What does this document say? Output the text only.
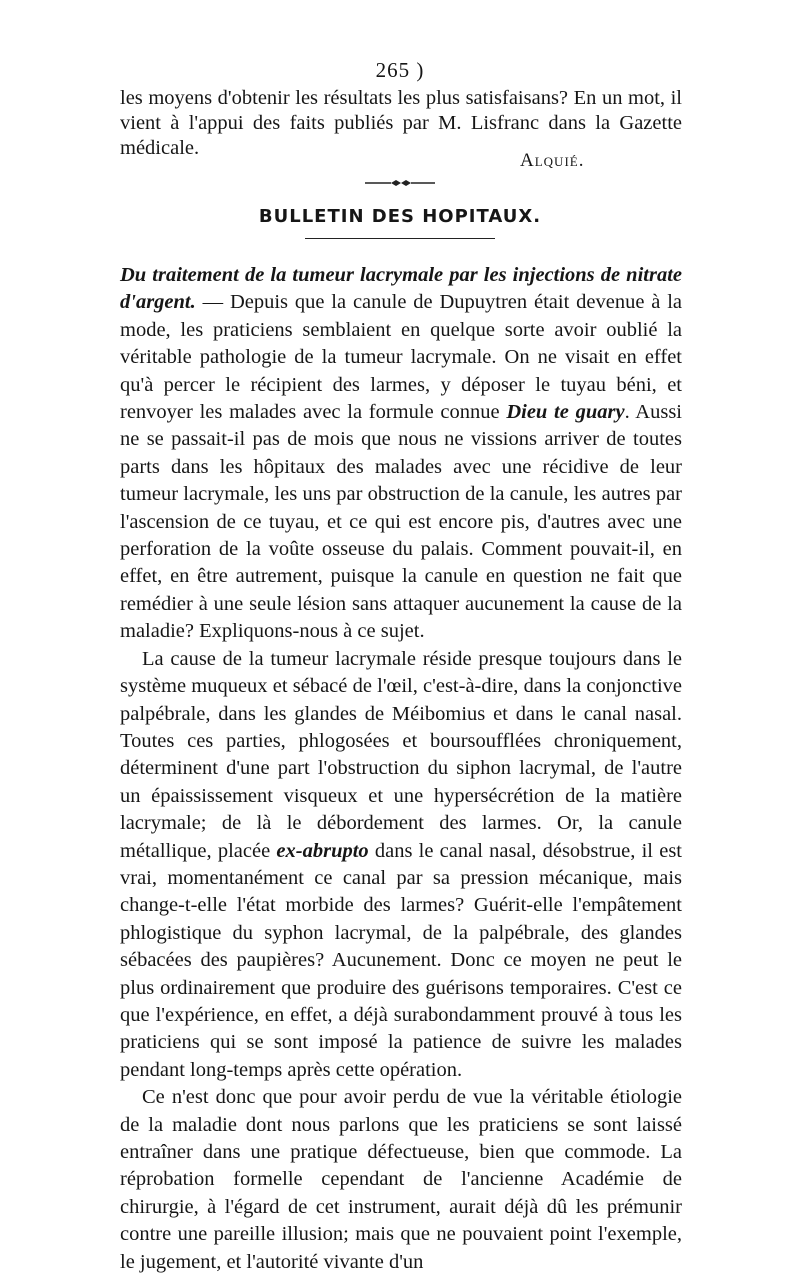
265 )

les moyens d'obtenir les résultats les plus satisfaisans? En un mot, il vient à l'appui des faits publiés par M. Lisfranc dans la Gazette médicale.

Alquié.
BULLETIN DES HOPITAUX.

Du traitement de la tumeur lacrymale par les injections de nitrate d'argent. — Depuis que la canule de Dupuytren était devenue à la mode, les praticiens semblaient en quelque sorte avoir oublié la véritable pathologie de la tumeur lacrymale. On ne visait en effet qu'à percer le récipient des larmes, y déposer le tuyau béni, et renvoyer les malades avec la formule connue Dieu te guary. Aussi ne se passait-il pas de mois que nous ne vissions arriver de toutes parts dans les hôpitaux des malades avec une récidive de leur tumeur lacrymale, les uns par obstruction de la canule, les autres par l'ascension de ce tuyau, et ce qui est encore pis, d'autres avec une perforation de la voûte osseuse du palais. Comment pouvait-il, en effet, en être autrement, puisque la canule en question ne fait que remédier à une seule lésion sans attaquer aucunement la cause de la maladie? Expliquons-nous à ce sujet.

La cause de la tumeur lacrymale réside presque toujours dans le système muqueux et sébacé de l'œil, c'est-à-dire, dans la conjonctive palpébrale, dans les glandes de Méibomius et dans le canal nasal. Toutes ces parties, phlogosées et boursoufflées chroniquement, déterminent d'une part l'obstruction du siphon lacrymal, de l'autre un épaississement visqueux et une hypersécrétion de la matière lacrymale; de là le débordement des larmes. Or, la canule métallique, placée ex-abrupto dans le canal nasal, désobstrue, il est vrai, momentanément ce canal par sa pression mécanique, mais change-t-elle l'état morbide des larmes? Guérit-elle l'empâtement phlogistique du syphon lacrymal, de la palpébrale, des glandes sébacées des paupières? Aucunement. Donc ce moyen ne peut le plus ordinairement que produire des guérisons temporaires. C'est ce que l'expérience, en effet, a déjà surabondamment prouvé à tous les praticiens qui se sont imposé la patience de suivre les malades pendant long-temps après cette opération.

Ce n'est donc que pour avoir perdu de vue la véritable étiologie de la maladie dont nous parlons que les praticiens se sont laissé entraîner dans une pratique défectueuse, bien que commode. La réprobation formelle cependant de l'ancienne Académie de chirurgie, à l'égard de cet instrument, aurait déjà dû les prémunir contre une pareille illusion; mais que ne pouvaient point l'exemple, le jugement, et l'autorité vivante d'un
